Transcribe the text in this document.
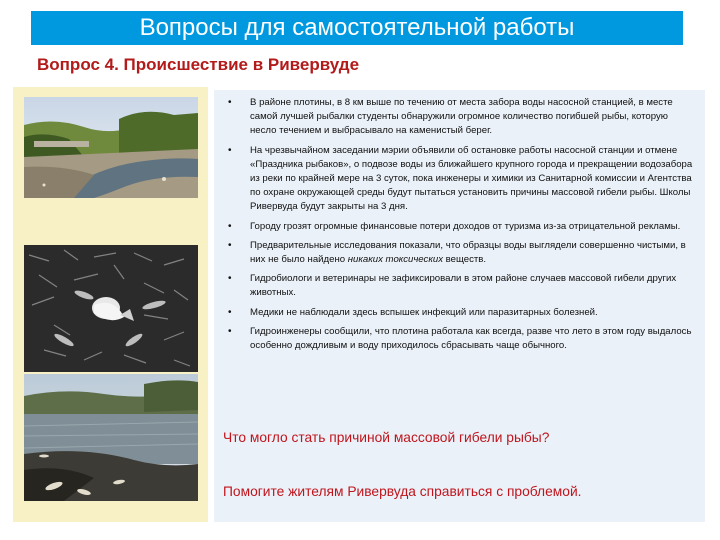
Вопросы для самостоятельной работы
Вопрос 4. Происшествие в Ривервуде
• В районе плотины, в 8 км выше по течению от места забора воды насосной станцией, в месте самой лучшей рыбалки студенты обнаружили огромное количество погибшей рыбы, которую несло течением и выбрасывало на каменистый берег.
• На чрезвычайном заседании мэрии объявили об остановке работы насосной станции и отмене «Праздника рыбаков», о подвозе воды из ближайшего крупного города и прекращении водозабора из реки по крайней мере на 3 суток, пока инженеры и химики из Санитарной комиссии и Агентства по охране окружающей среды будут пытаться установить причины массовой гибели рыбы. Школы Ривервуда будут закрыты на 3 дня.
• Городу грозят огромные финансовые потери доходов от туризма из-за отрицательной рекламы.
• Предварительные исследования показали, что образцы воды выглядели совершенно чистыми, в них не было найдено никаких токсических веществ.
• Гидробиологи и ветеринары не зафиксировали в этом районе случаев массовой гибели других животных.
• Медики не наблюдали здесь вспышек инфекций или паразитарных болезней.
• Гидроинженеры сообщили, что плотина работала как всегда, разве что лето в этом году выдалось особенно дождливым и воду приходилось сбрасывать чаще обычного.
Что могло стать причиной массовой гибели рыбы?
Помогите жителям Ривервуда справиться с проблемой.
